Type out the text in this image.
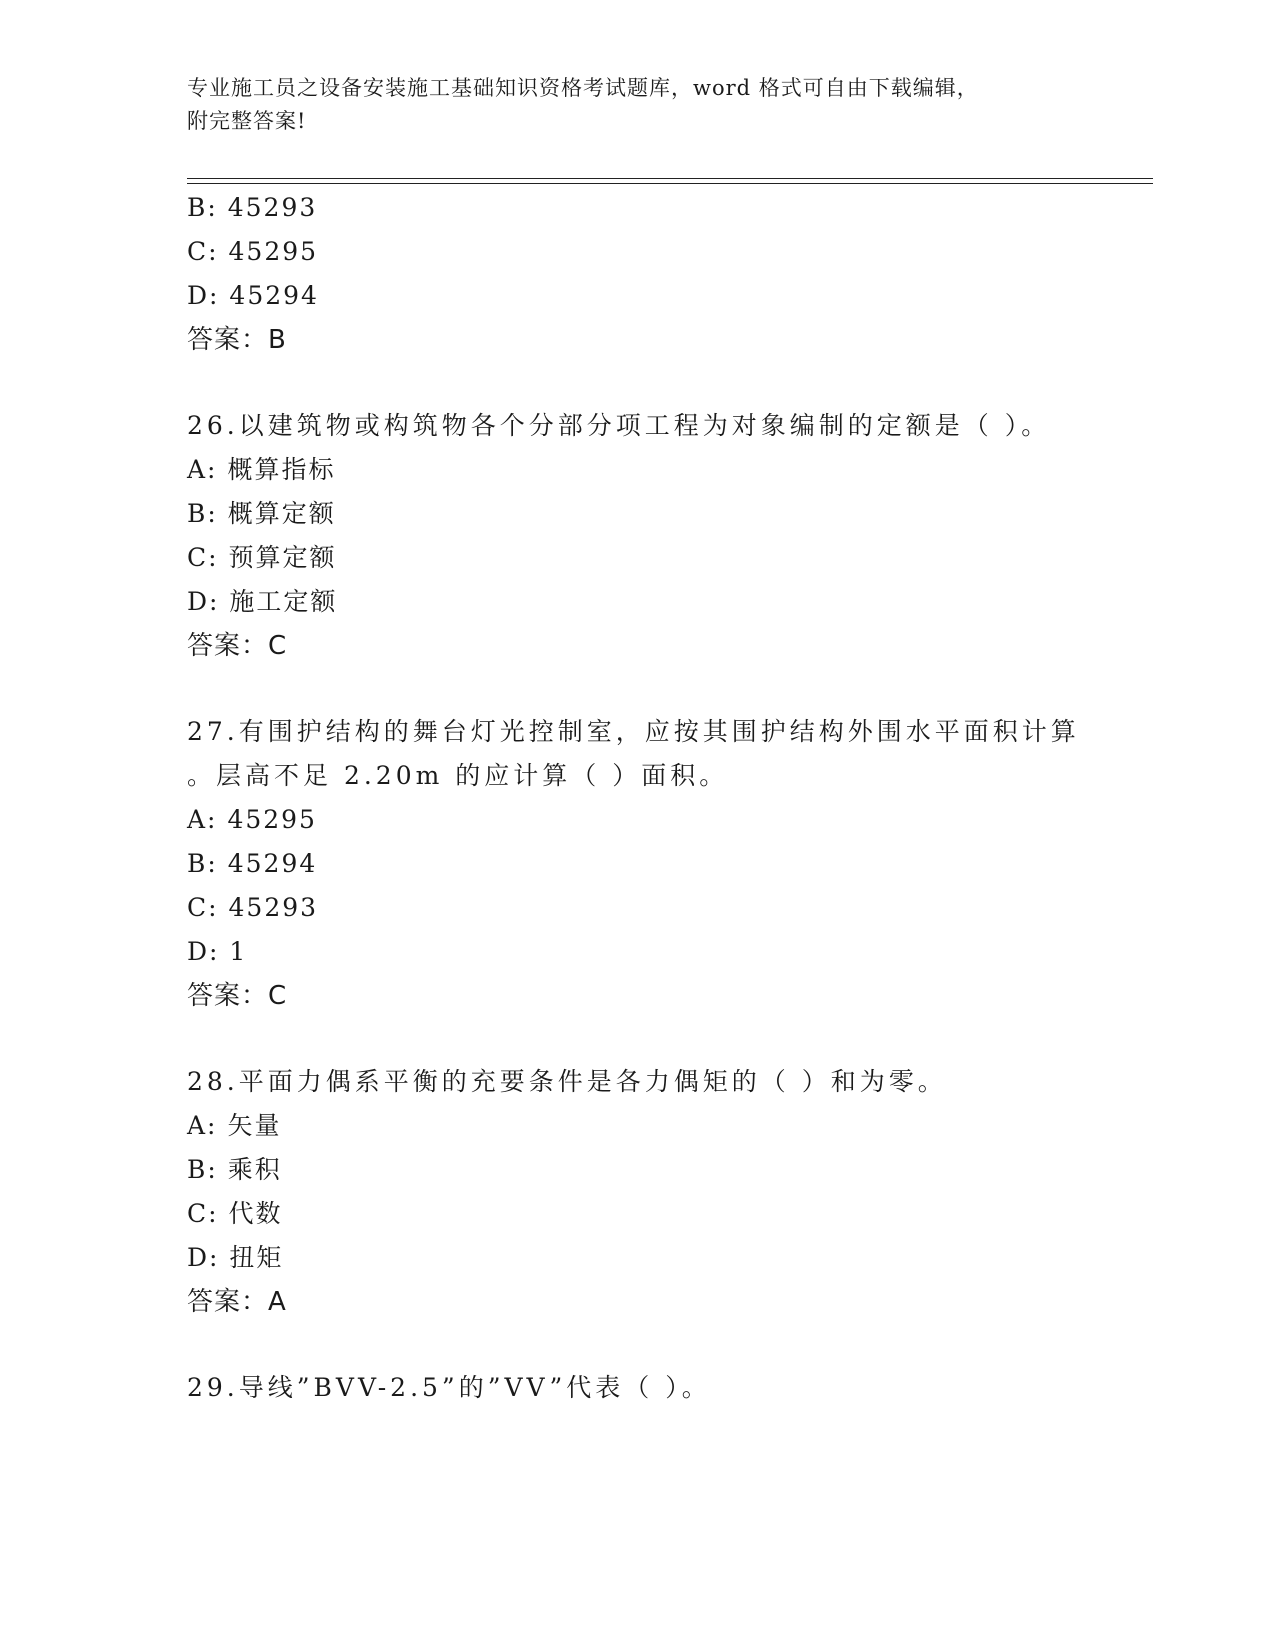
专业施工员之设备安装施工基础知识资格考试题库，word 格式可自由下载编辑，
附完整答案!
B: 45293
C: 45295
D: 45294
答案：B
26.以建筑物或构筑物各个分部分项工程为对象编制的定额是（ ）。
A: 概算指标
B: 概算定额
C: 预算定额
D: 施工定额
答案：C
27.有围护结构的舞台灯光控制室，应按其围护结构外围水平面积计算
。层高不足 2.20m 的应计算（ ）面积。
A: 45295
B: 45294
C: 45293
D: 1
答案：C
28.平面力偶系平衡的充要条件是各力偶矩的（ ）和为零。
A: 矢量
B: 乘积
C: 代数
D: 扭矩
答案：A
29.导线”BVV-2.5”的”VV”代表（ ）。
